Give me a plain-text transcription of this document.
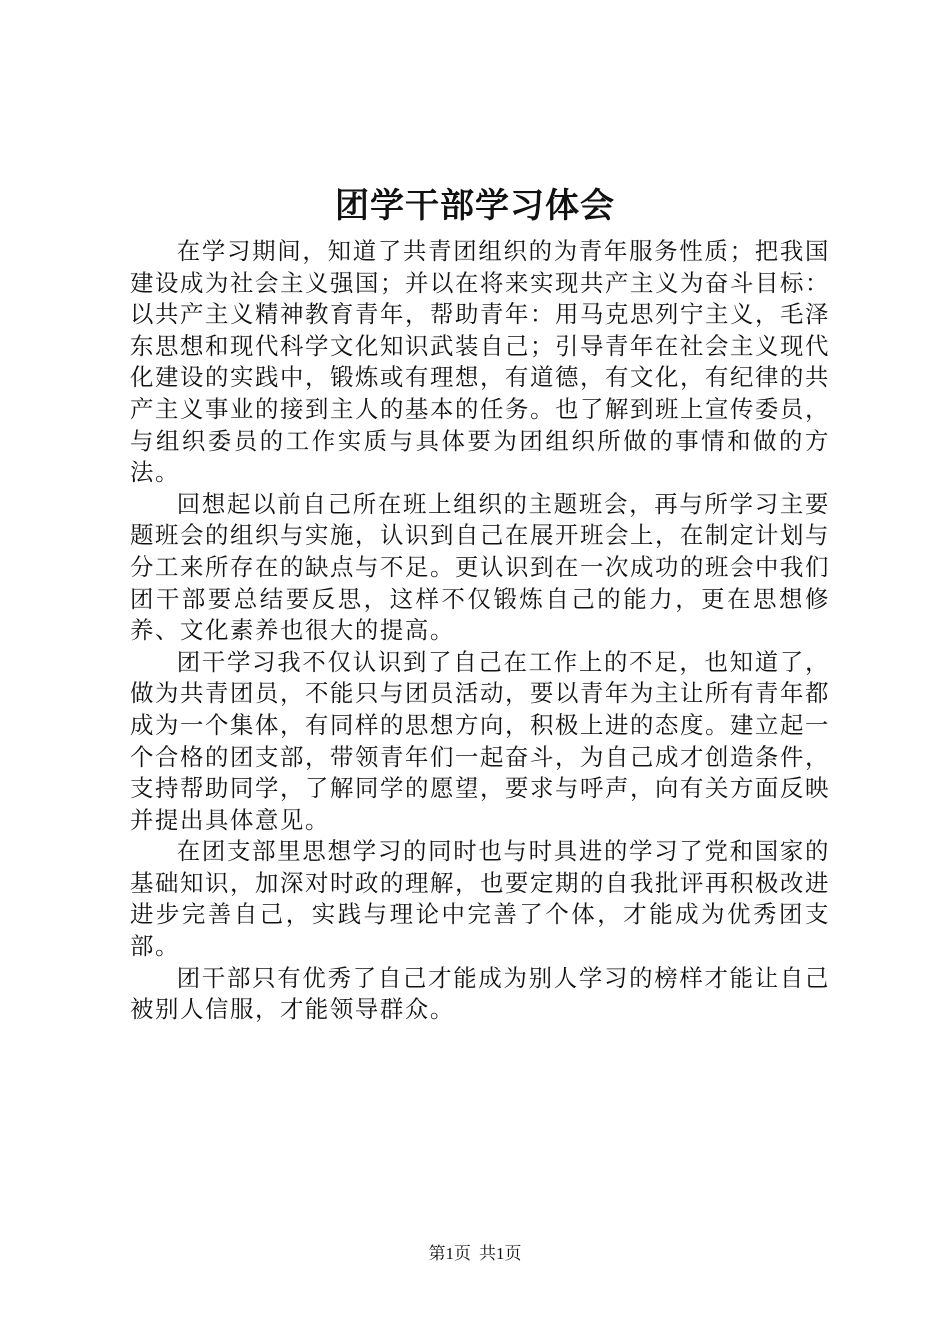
团学干部学习体会

在学习期间，知道了共青团组织的为青年服务性质；把我国建设成为社会主义强国；并以在将来实现共产主义为奋斗目标：以共产主义精神教育青年，帮助青年：用马克思列宁主义，毛泽东思想和现代科学文化知识武装自己；引导青年在社会主义现代化建设的实践中，锻炼或有理想，有道德，有文化，有纪律的共产主义事业的接到主人的基本的任务。也了解到班上宣传委员，与组织委员的工作实质与具体要为团组织所做的事情和做的方法。

回想起以前自己所在班上组织的主题班会，再与所学习主要题班会的组织与实施，认识到自己在展开班会上，在制定计划与分工来所存在的缺点与不足。更认识到在一次成功的班会中我们团干部要总结要反思，这样不仅锻炼自己的能力，更在思想修养、文化素养也很大的提高。

团干学习我不仅认识到了自己在工作上的不足，也知道了，做为共青团员，不能只与团员活动，要以青年为主让所有青年都成为一个集体，有同样的思想方向，积极上进的态度。建立起一个合格的团支部，带领青年们一起奋斗，为自己成才创造条件，支持帮助同学，了解同学的愿望，要求与呼声，向有关方面反映并提出具体意见。

在团支部里思想学习的同时也与时具进的学习了党和国家的基础知识，加深对时政的理解，也要定期的自我批评再积极改进进步完善自己，实践与理论中完善了个体，才能成为优秀团支部。

团干部只有优秀了自己才能成为别人学习的榜样才能让自己被别人信服，才能领导群众。

第1页 共1页
